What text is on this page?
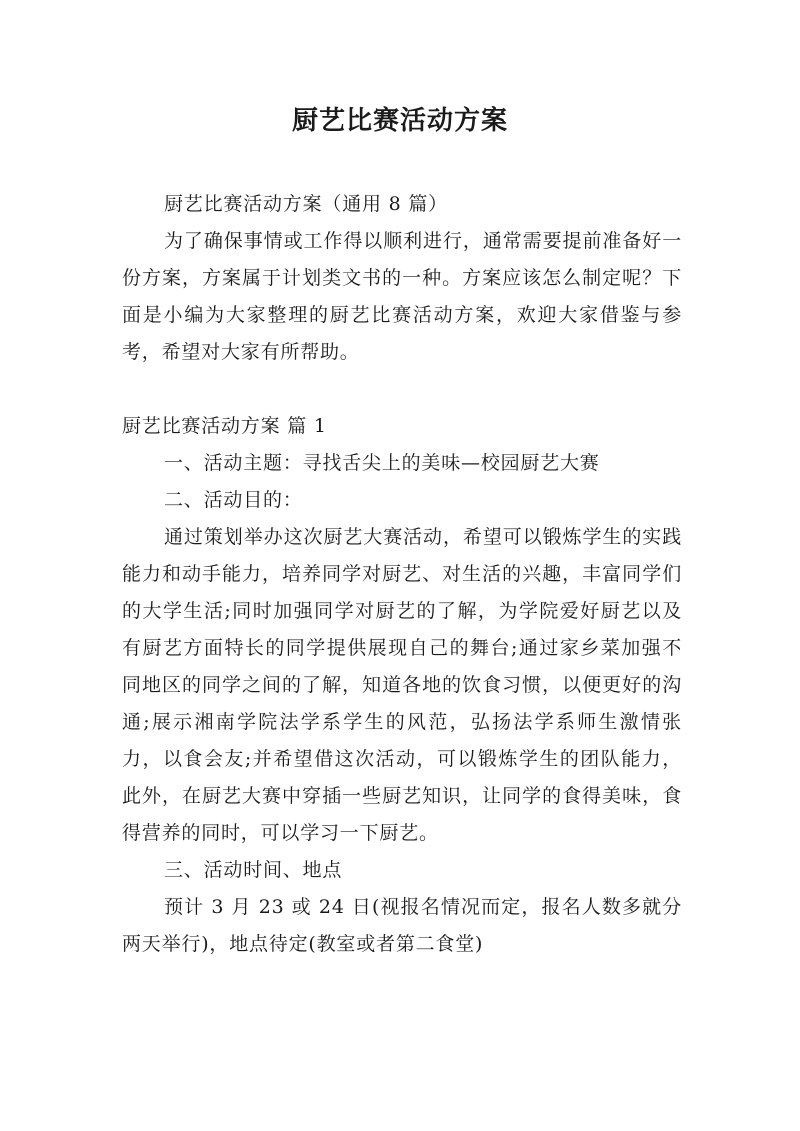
厨艺比赛活动方案

厨艺比赛活动方案（通用 8 篇）

为了确保事情或工作得以顺利进行，通常需要提前准备好一份方案，方案属于计划类文书的一种。方案应该怎么制定呢？下面是小编为大家整理的厨艺比赛活动方案，欢迎大家借鉴与参考，希望对大家有所帮助。

厨艺比赛活动方案 篇 1

一、活动主题：寻找舌尖上的美味—校园厨艺大赛

二、活动目的：

通过策划举办这次厨艺大赛活动，希望可以锻炼学生的实践能力和动手能力，培养同学对厨艺、对生活的兴趣，丰富同学们的大学生活;同时加强同学对厨艺的了解，为学院爱好厨艺以及有厨艺方面特长的同学提供展现自己的舞台;通过家乡菜加强不同地区的同学之间的了解，知道各地的饮食习惯，以便更好的沟通;展示湘南学院法学系学生的风范，弘扬法学系师生激情张力，以食会友;并希望借这次活动，可以锻炼学生的团队能力，此外，在厨艺大赛中穿插一些厨艺知识，让同学的食得美味，食得营养的同时，可以学习一下厨艺。

三、活动时间、地点

预计 3 月 23 或 24 日(视报名情况而定，报名人数多就分两天举行)，地点待定(教室或者第二食堂)
